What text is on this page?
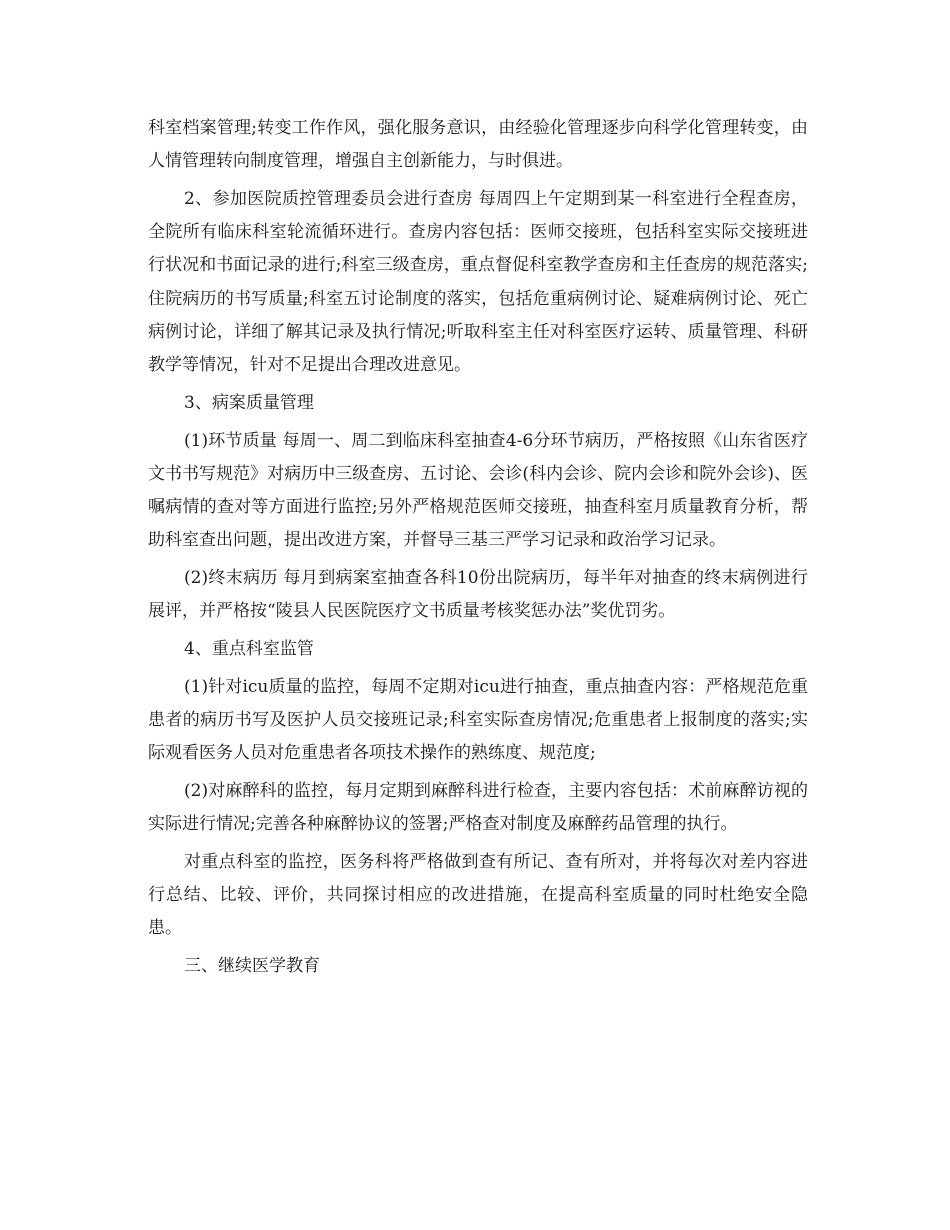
科室档案管理;转变工作作风，强化服务意识，由经验化管理逐步向科学化管理转变，由人情管理转向制度管理，增强自主创新能力，与时俱进。

2、参加医院质控管理委员会进行查房 每周四上午定期到某一科室进行全程查房，全院所有临床科室轮流循环进行。查房内容包括：医师交接班，包括科室实际交接班进行状况和书面记录的进行;科室三级查房，重点督促科室教学查房和主任查房的规范落实;住院病历的书写质量;科室五讨论制度的落实，包括危重病例讨论、疑难病例讨论、死亡病例讨论，详细了解其记录及执行情况;听取科室主任对科室医疗运转、质量管理、科研教学等情况，针对不足提出合理改进意见。

3、病案质量管理

(1)环节质量 每周一、周二到临床科室抽查4-6分环节病历，严格按照《山东省医疗文书书写规范》对病历中三级查房、五讨论、会诊(科内会诊、院内会诊和院外会诊)、医嘱病情的查对等方面进行监控;另外严格规范医师交接班，抽查科室月质量教育分析，帮助科室查出问题，提出改进方案，并督导三基三严学习记录和政治学习记录。

(2)终末病历 每月到病案室抽查各科10份出院病历，每半年对抽查的终末病例进行展评，并严格按“陵县人民医院医疗文书质量考核奖惩办法”奖优罚劣。

4、重点科室监管

(1)针对icu质量的监控，每周不定期对icu进行抽查，重点抽查内容：严格规范危重患者的病历书写及医护人员交接班记录;科室实际查房情况;危重患者上报制度的落实;实际观看医务人员对危重患者各项技术操作的熟练度、规范度;

(2)对麻醉科的监控，每月定期到麻醉科进行检查，主要内容包括：术前麻醉访视的实际进行情况;完善各种麻醉协议的签署;严格查对制度及麻醉药品管理的执行。

对重点科室的监控，医务科将严格做到查有所记、查有所对，并将每次对差内容进行总结、比较、评价，共同探讨相应的改进措施，在提高科室质量的同时杜绝安全隐患。

三、继续医学教育
